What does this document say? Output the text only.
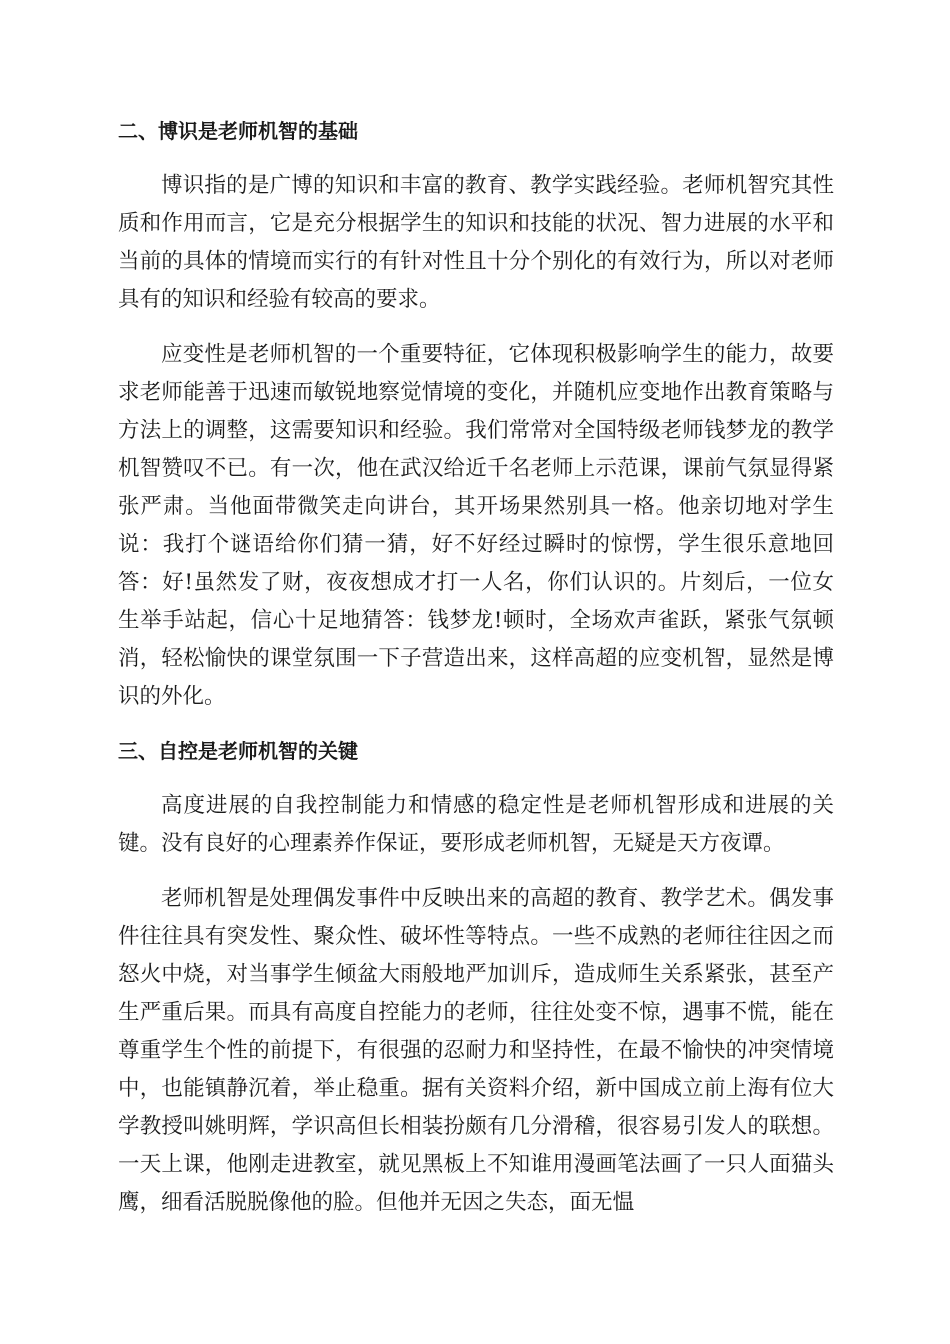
二、博识是老师机智的基础

博识指的是广博的知识和丰富的教育、教学实践经验。老师机智究其性质和作用而言，它是充分根据学生的知识和技能的状况、智力进展的水平和当前的具体的情境而实行的有针对性且十分个别化的有效行为，所以对老师具有的知识和经验有较高的要求。

应变性是老师机智的一个重要特征，它体现积极影响学生的能力，故要求老师能善于迅速而敏锐地察觉情境的变化，并随机应变地作出教育策略与方法上的调整，这需要知识和经验。我们常常对全国特级老师钱梦龙的教学机智赞叹不已。有一次，他在武汉给近千名老师上示范课，课前气氛显得紧张严肃。当他面带微笑走向讲台，其开场果然别具一格。他亲切地对学生说：我打个谜语给你们猜一猜，好不好经过瞬时的惊愣，学生很乐意地回答：好!虽然发了财，夜夜想成才打一人名，你们认识的。片刻后，一位女生举手站起，信心十足地猜答：钱梦龙!顿时，全场欢声雀跃，紧张气氛顿消，轻松愉快的课堂氛围一下子营造出来，这样高超的应变机智，显然是博识的外化。

三、自控是老师机智的关键

高度进展的自我控制能力和情感的稳定性是老师机智形成和进展的关键。没有良好的心理素养作保证，要形成老师机智，无疑是天方夜谭。

老师机智是处理偶发事件中反映出来的高超的教育、教学艺术。偶发事件往往具有突发性、聚众性、破坏性等特点。一些不成熟的老师往往因之而怒火中烧，对当事学生倾盆大雨般地严加训斥，造成师生关系紧张，甚至产生严重后果。而具有高度自控能力的老师，往往处变不惊，遇事不慌，能在尊重学生个性的前提下，有很强的忍耐力和坚持性，在最不愉快的冲突情境中，也能镇静沉着，举止稳重。据有关资料介绍，新中国成立前上海有位大学教授叫姚明辉，学识高但长相装扮颇有几分滑稽，很容易引发人的联想。一天上课，他刚走进教室，就见黑板上不知谁用漫画笔法画了一只人面猫头鹰，细看活脱脱像他的脸。但他并无因之失态，面无愠
